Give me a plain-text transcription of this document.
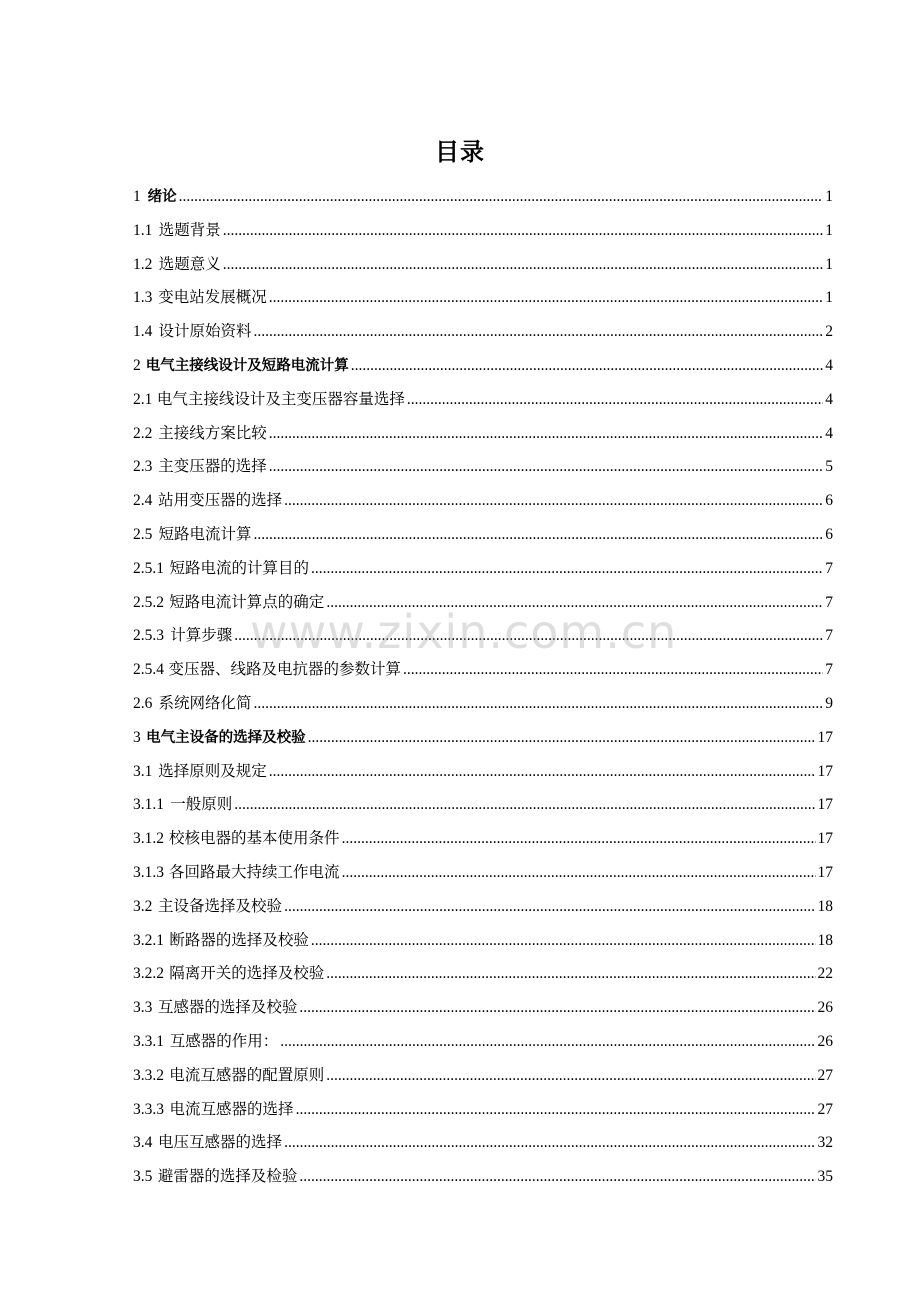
目录
1 绪论 .....	1
1.1 选题背景 .....	1
1.2 选题意义 .....	1
1.3 变电站发展概况 .....	1
1.4 设计原始资料 .....	2
2 电气主接线设计及短路电流计算 .....	4
2.1 电气主接线设计及主变压器容量选择 .....	4
2.2 主接线方案比较 .....	4
2.3 主变压器的选择 .....	5
2.4 站用变压器的选择 .....	6
2.5 短路电流计算 .....	6
2.5.1 短路电流的计算目的 .....	7
2.5.2 短路电流计算点的确定 .....	7
2.5.3 计算步骤 .....	7
2.5.4 变压器、线路及电抗器的参数计算 .....	7
2.6 系统网络化简 .....	9
3 电气主设备的选择及校验 .....	17
3.1 选择原则及规定 .....	17
3.1.1 一般原则 .....	17
3.1.2 校核电器的基本使用条件 .....	17
3.1.3 各回路最大持续工作电流 .....	17
3.2 主设备选择及校验 .....	18
3.2.1 断路器的选择及校验 .....	18
3.2.2 隔离开关的选择及校验 .....	22
3.3 互感器的选择及校验 .....	26
3.3.1 互感器的作用： .....	26
3.3.2 电流互感器的配置原则 .....	27
3.3.3 电流互感器的选择 .....	27
3.4 电压互感器的选择 .....	32
3.5 避雷器的选择及检验 .....	35
www.zixin.com.cn
